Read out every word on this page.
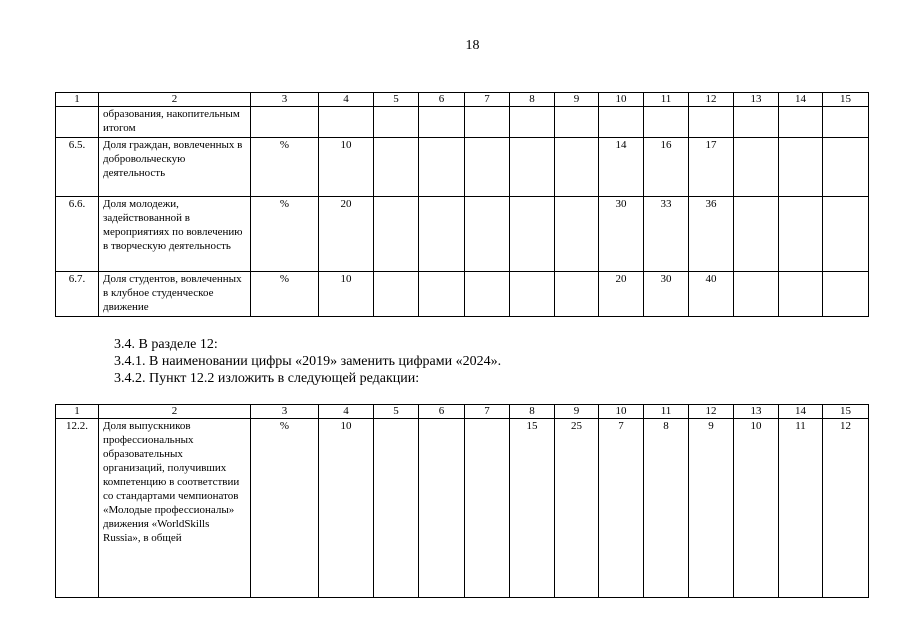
18
1	2	3	4	5	6	7	8	9	10	11	12	13	14	15
	образования, накопительным итогом													
6.5.	Доля граждан, вовлеченных в добровольческую деятельность	%	10						14	16	17			
6.6.	Доля молодежи, задействованной в мероприятиях по вовлечению в творческую деятельность	%	20						30	33	36			
6.7.	Доля студентов, вовлеченных в клубное студенческое движение	%	10						20	30	40			
3.4. В разделе 12:
3.4.1. В наименовании цифры «2019» заменить цифрами «2024».
3.4.2. Пункт 12.2 изложить в следующей редакции:
1	2	3	4	5	6	7	8	9	10	11	12	13	14	15
12.2.	Доля выпускников профессиональных образовательных организаций, получивших компетенцию в соответствии со стандартами чемпионатов «Молодые профессионалы» движения «WorldSkills Russia», в общей	%	10				15	25	7	8	9	10	11	12
